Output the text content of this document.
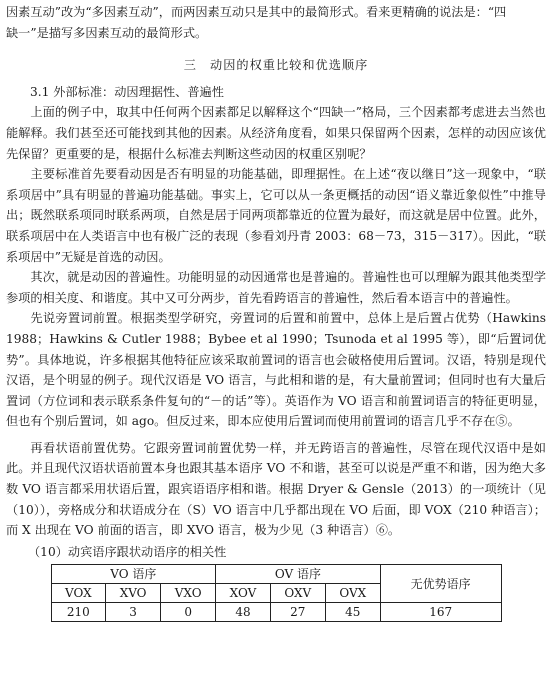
因素互动”改为“多因素互动”，而两因素互动只是其中的最简形式。看来更精确的说法是：“四

缺一”是描写多因素互动的最简形式。

三　动因的权重比较和优选顺序

3.1 外部标准：动因理据性、普遍性

上面的例子中，取其中任何两个因素都足以解释这个“四缺一”格局，三个因素都考虑进去当然也能解释。我们甚至还可能找到其他的因素。从经济角度看，如果只保留两个因素，怎样的动因应该优先保留？更重要的是，根据什么标准去判断这些动因的权重区别呢？

主要标准首先要看动因是否有明显的功能基础，即理据性。在上述“夜以继日”这一现象中，“联系项居中”具有明显的普遍功能基础。事实上，它可以从一条更概括的动因“语义靠近象似性”中推导出；既然联系项同时联系两项，自然是居于同两项都靠近的位置为最好，而这就是居中位置。此外，联系项居中在人类语言中也有极广泛的表现（参看刘丹青 2003：68－73，315－317）。因此，“联系项居中”无疑是首选的动因。

其次，就是动因的普遍性。功能明显的动因通常也是普遍的。普遍性也可以理解为跟其他类型学参项的相关度、和谐度。其中又可分两步，首先看跨语言的普遍性，然后看本语言中的普遍性。

先说旁置词前置。根据类型学研究，旁置词的后置和前置中，总体上是后置占优势（Hawkins 1988；Hawkins & Cutler 1988；Bybee et al 1990；Tsunoda et al 1995 等），即“后置词优势”。具体地说，许多根据其他特征应该采取前置词的语言也会破格使用后置词。汉语，特别是现代汉语，是个明显的例子。现代汉语是 VO 语言，与此相和谐的是，有大量前置词；但同时也有大量后置词（方位词和表示联系条件复句的“－的话”等）。英语作为 VO 语言和前置词语言的特征更明显，但也有个别后置词，如 ago。但反过来，即本应使用后置词而使用前置词的语言几乎不存在⑤。

再看状语前置优势。它跟旁置词前置优势一样，并无跨语言的普遍性，尽管在现代汉语中是如此。并且现代汉语状语前置本身也跟其基本语序 VO 不和谐，甚至可以说是严重不和谐，因为绝大多数 VO 语言都采用状语后置，跟宾语语序相和谐。根据 Dryer & Gensle（2013）的一项统计（见（10）），旁格成分和状语成分在（S）VO 语言中几乎都出现在 VO 后面，即 VOX（210 种语言）；而 X 出现在 VO 前面的语言，即 XVO 语言，极为少见（3 种语言）⑥。

（10）动宾语序跟状动语序的相关性

VO 语序			OV 语序			无优势语序
VOX	XVO	VXO	XOV	OXV	OVX	
210	3	0	48	27	45	167
